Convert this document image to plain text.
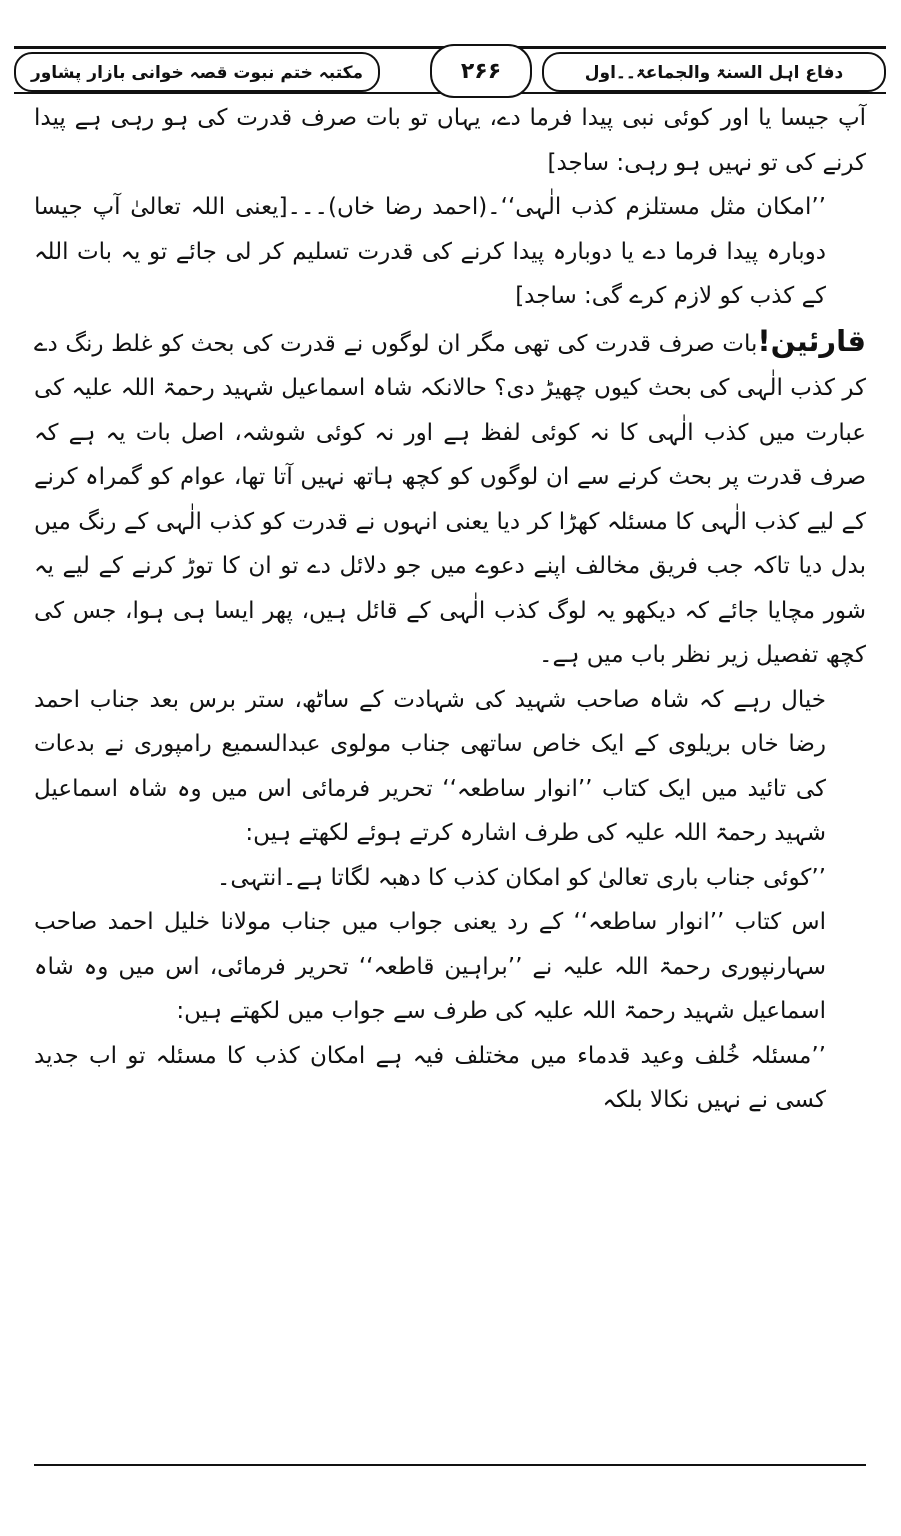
دفاع اہل السنۃ والجماعۃ۔۔اول
۲۶۶
مکتبہ ختم نبوت قصہ خوانی بازار پشاور

آپ جیسا یا اور کوئی نبی پیدا فرما دے، یہاں تو بات صرف قدرت کی ہو رہی ہے پیدا کرنے کی تو نہیں ہو رہی: ساجد]

’’امکان مثل مستلزم کذب الٰہی‘‘۔(احمد رضا خاں)۔۔۔[یعنی اللہ تعالیٰ آپ جیسا دوبارہ پیدا فرما دے یا دوبارہ پیدا کرنے کی قدرت تسلیم کر لی جائے تو یہ بات اللہ کے کذب کو لازم کرے گی: ساجد]

قارئین!بات صرف قدرت کی تھی مگر ان لوگوں نے قدرت کی بحث کو غلط رنگ دے کر کذب الٰہی کی بحث کیوں چھیڑ دی؟ حالانکہ شاہ اسماعیل شہید رحمۃ اللہ علیہ کی عبارت میں کذب الٰہی کا نہ کوئی لفظ ہے اور نہ کوئی شوشہ، اصل بات یہ ہے کہ صرف قدرت پر بحث کرنے سے ان لوگوں کو کچھ ہاتھ نہیں آتا تھا، عوام کو گمراہ کرنے کے لیے کذب الٰہی کا مسئلہ کھڑا کر دیا یعنی انہوں نے قدرت کو کذب الٰہی کے رنگ میں بدل دیا تاکہ جب فریق مخالف اپنے دعوے میں جو دلائل دے تو ان کا توڑ کرنے کے لیے یہ شور مچایا جائے کہ دیکھو یہ لوگ کذب الٰہی کے قائل ہیں، پھر ایسا ہی ہوا، جس کی کچھ تفصیل زیر نظر باب میں ہے۔

خیال رہے کہ شاہ صاحب شہید کی شہادت کے ساٹھ، ستر برس بعد جناب احمد رضا خاں بریلوی کے ایک خاص ساتھی جناب مولوی عبدالسمیع رامپوری نے بدعات کی تائید میں ایک کتاب ’’انوار ساطعہ‘‘ تحریر فرمائی اس میں وہ شاہ اسماعیل شہید رحمۃ اللہ علیہ کی طرف اشارہ کرتے ہوئے لکھتے ہیں:

’’کوئی جناب باری تعالیٰ کو امکان کذب کا دھبہ لگاتا ہے۔انتہی۔

اس کتاب ’’انوار ساطعہ‘‘ کے رد یعنی جواب میں جناب مولانا خلیل احمد صاحب سہارنپوری رحمۃ اللہ علیہ نے ’’براہین قاطعہ‘‘ تحریر فرمائی، اس میں وہ شاہ اسماعیل شہید رحمۃ اللہ علیہ کی طرف سے جواب میں لکھتے ہیں:

’’مسئلہ خُلف وعید قدماء میں مختلف فیہ ہے امکان کذب کا مسئلہ تو اب جدید کسی نے نہیں نکالا بلکہ
